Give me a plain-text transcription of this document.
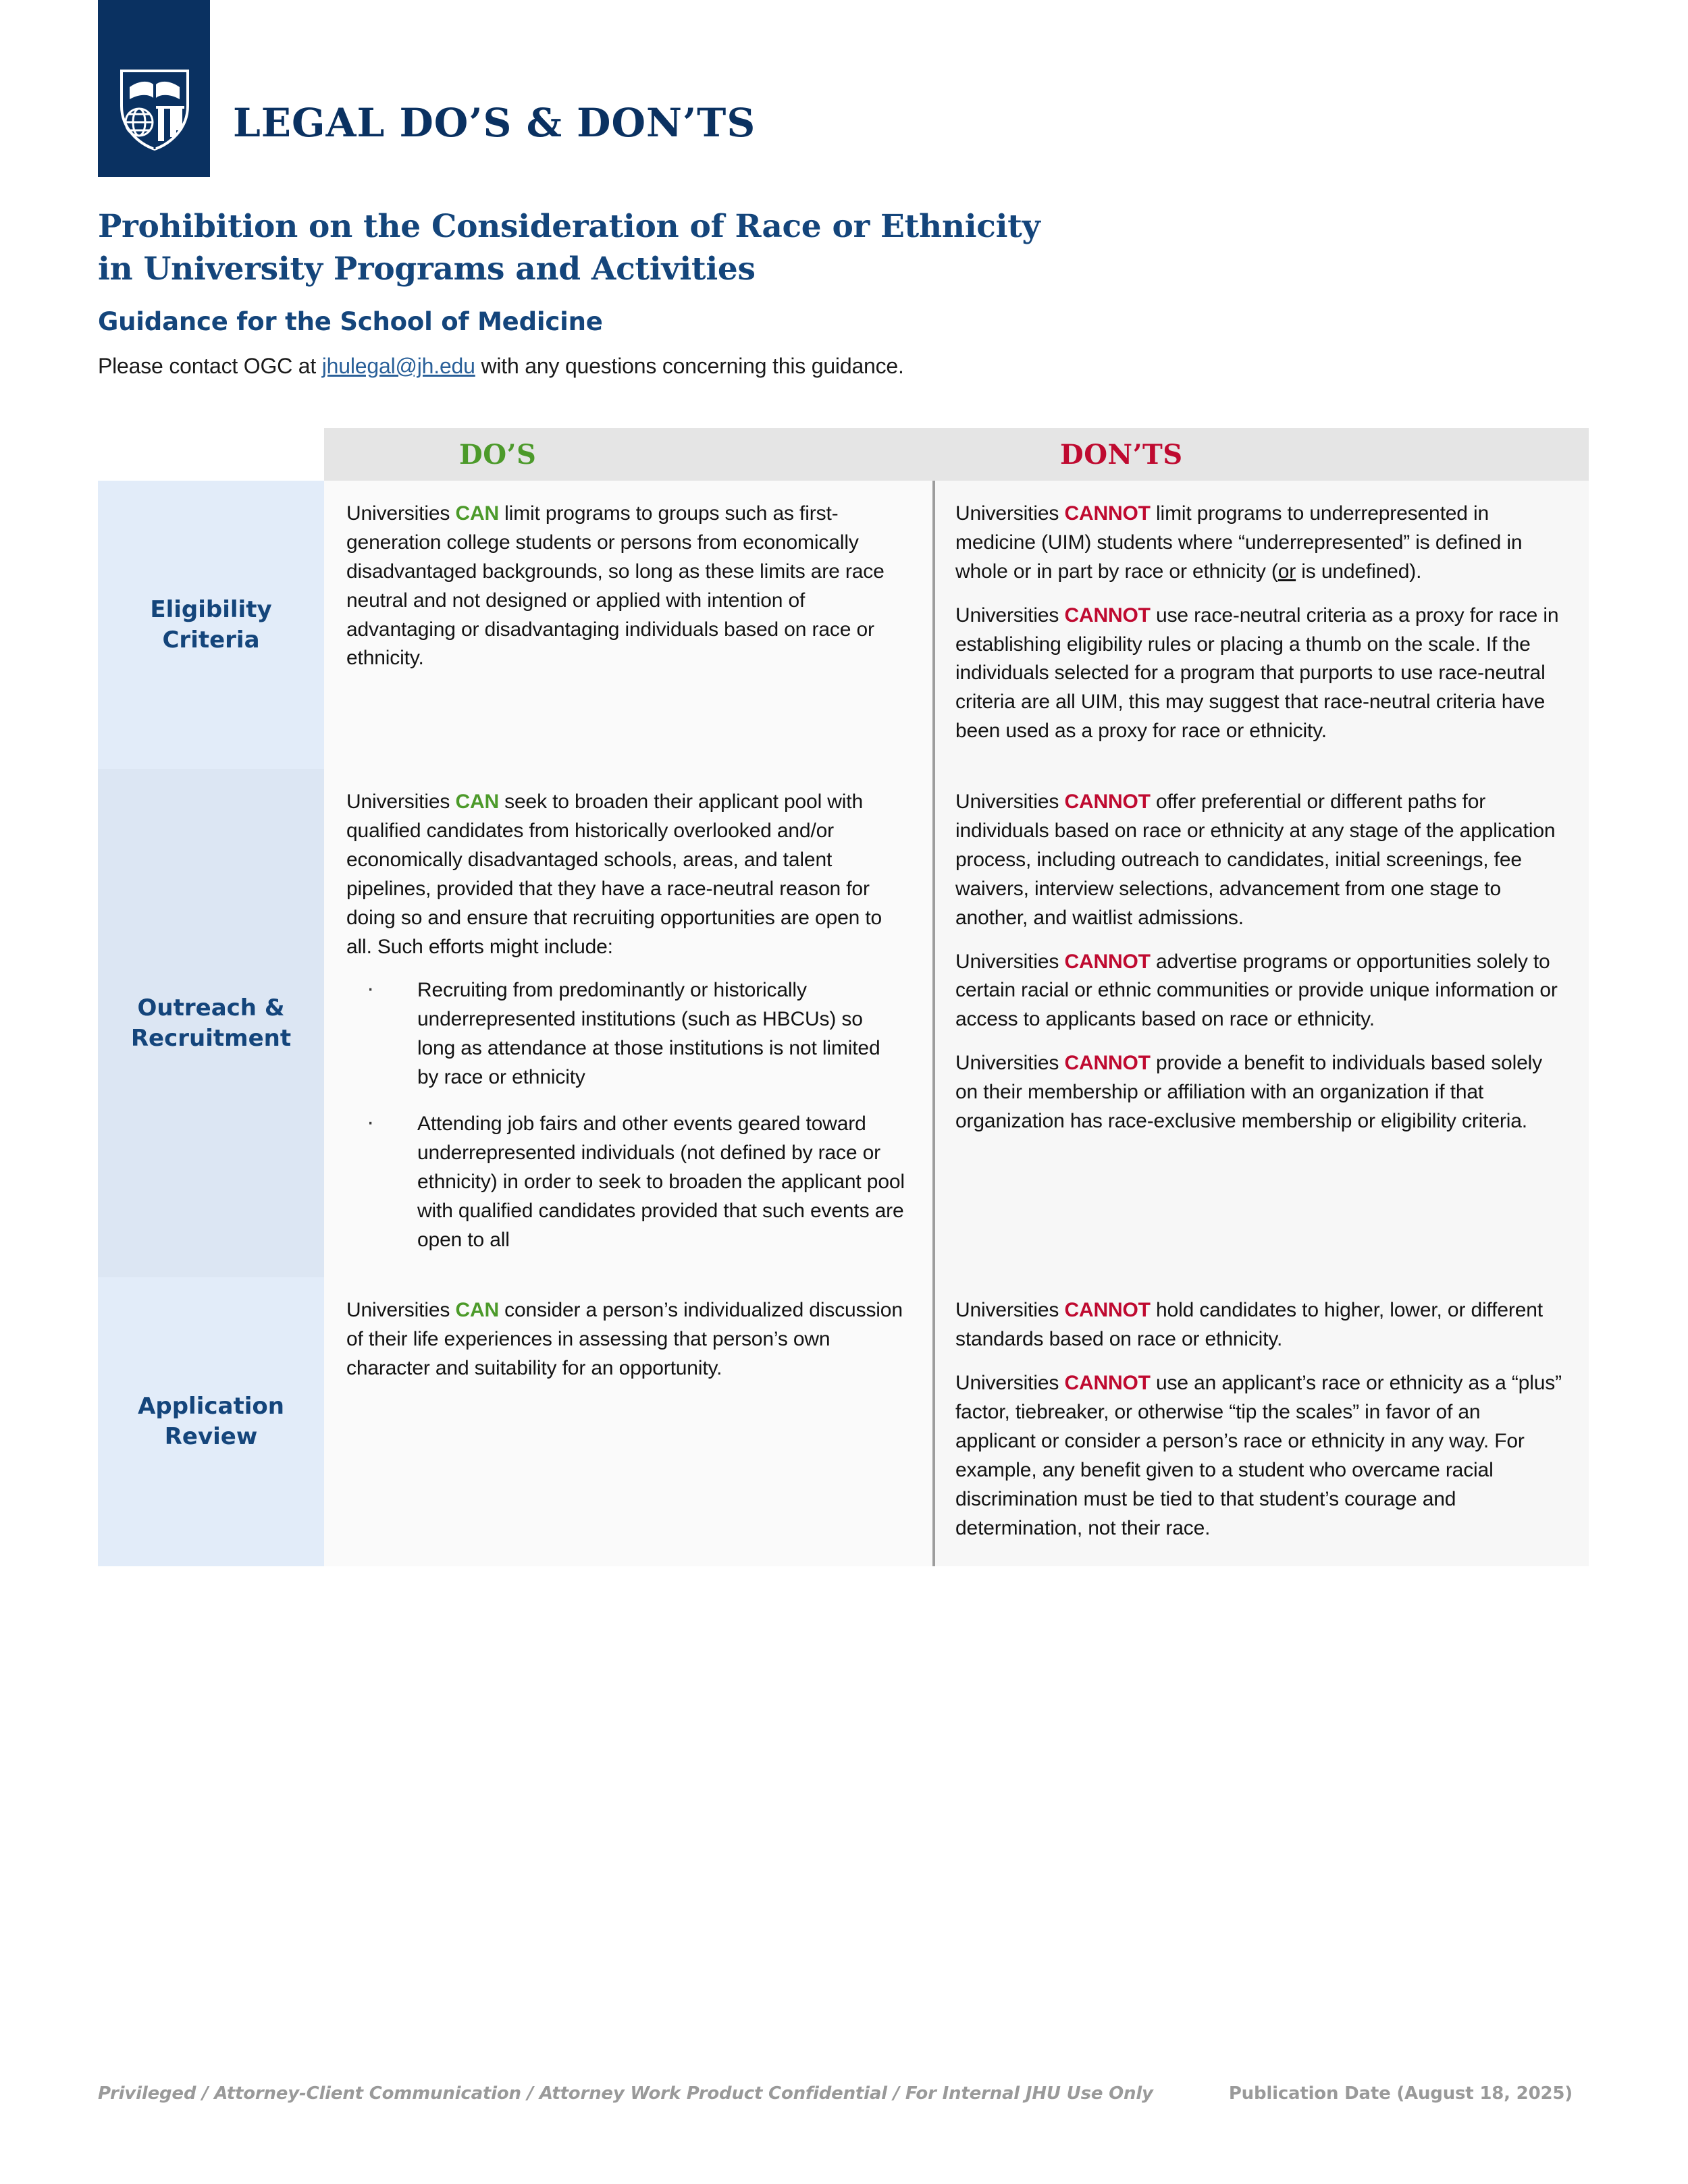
LEGAL DO’S & DON’TS
Prohibition on the Consideration of Race or Ethnicity
in University Programs and Activities
Guidance for the School of Medicine
Please contact OGC at jhulegal@jh.edu with any questions concerning this guidance.
DO’S	DON’TS
Eligibility
Criteria

Universities CAN limit programs to groups such as first-generation college students or persons from economically disadvantaged backgrounds, so long as these limits are race neutral and not designed or applied with intention of advantaging or disadvantaging individuals based on race or ethnicity.

Universities CANNOT limit programs to underrepresented in medicine (UIM) students where “underrepresented” is defined in whole or in part by race or ethnicity (or is undefined).

Universities CANNOT use race-neutral criteria as a proxy for race in establishing eligibility rules or placing a thumb on the scale. If the individuals selected for a program that purports to use race-neutral criteria are all UIM, this may suggest that race-neutral criteria have been used as a proxy for race or ethnicity.

Outreach &
Recruitment

Universities CAN seek to broaden their applicant pool with qualified candidates from historically overlooked and/or economically disadvantaged schools, areas, and talent pipelines, provided that they have a race-neutral reason for doing so and ensure that recruiting opportunities are open to all. Such efforts might include:

· Recruiting from predominantly or historically underrepresented institutions (such as HBCUs) so long as attendance at those institutions is not limited by race or ethnicity
· Attending job fairs and other events geared toward underrepresented individuals (not defined by race or ethnicity) in order to seek to broaden the applicant pool with qualified candidates provided that such events are open to all

Universities CANNOT offer preferential or different paths for individuals based on race or ethnicity at any stage of the application process, including outreach to candidates, initial screenings, fee waivers, interview selections, advancement from one stage to another, and waitlist admissions.

Universities CANNOT advertise programs or opportunities solely to certain racial or ethnic communities or provide unique information or access to applicants based on race or ethnicity.

Universities CANNOT provide a benefit to individuals based solely on their membership or affiliation with an organization if that organization has race-exclusive membership or eligibility criteria.

Application
Review

Universities CAN consider a person’s individualized discussion of their life experiences in assessing that person’s own character and suitability for an opportunity.

Universities CANNOT hold candidates to higher, lower, or different standards based on race or ethnicity.

Universities CANNOT use an applicant’s race or ethnicity as a “plus” factor, tiebreaker, or otherwise “tip the scales” in favor of an applicant or consider a person’s race or ethnicity in any way. For example, any benefit given to a student who overcame racial discrimination must be tied to that student’s courage and determination, not their race.

Privileged / Attorney-Client Communication / Attorney Work Product Confidential / For Internal JHU Use Only	Publication Date (August 18, 2025)
